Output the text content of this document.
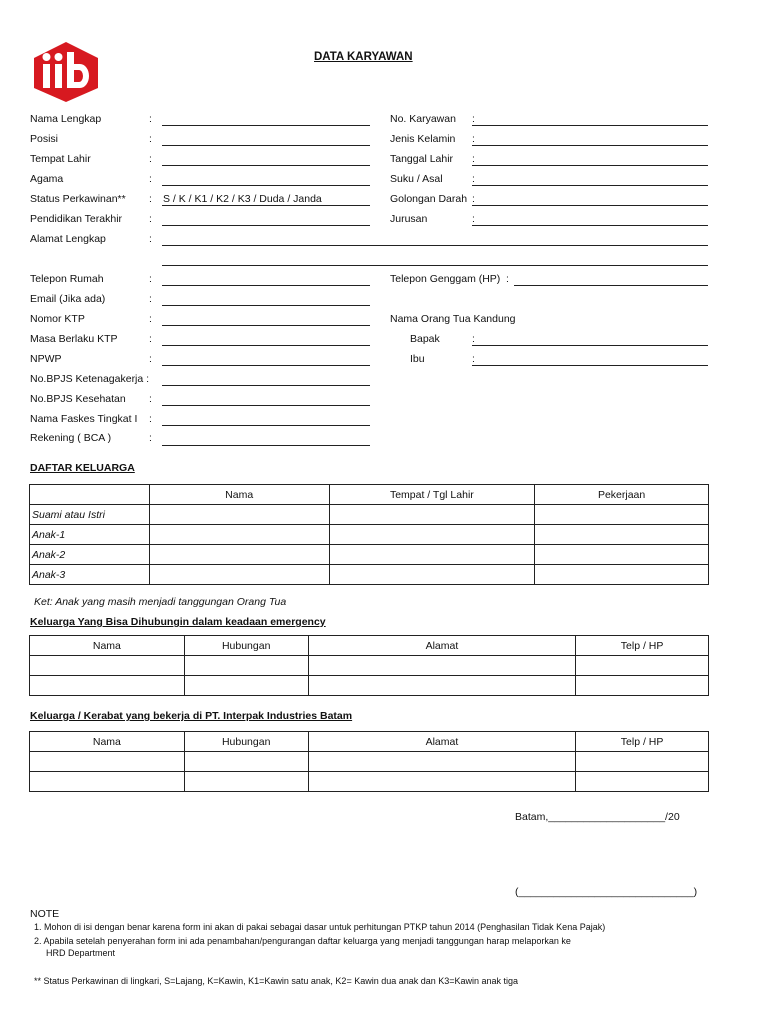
DATA KARYAWAN
Nama Lengkap	:
Posisi	:
Tempat Lahir	:
Agama	:
Status Perkawinan** : S / K / K1 / K2 / K3 / Duda / Janda
Pendidikan Terakhir	:
Alamat Lengkap	:
Telepon Rumah	:
Email (Jika ada)	:
Nomor KTP	:
Masa Berlaku KTP	:
NPWP	:
No.BPJS Ketenagakerja :
No.BPJS Kesehatan :
Nama Faskes Tingkat I :
Rekening ( BCA )	:
No. Karyawan :
Jenis Kelamin :
Tanggal Lahir :
Suku / Asal	:
Golongan Darah :
Jurusan	:
Telepon Genggam (HP) :
Nama Orang Tua Kandung
Bapak	:
Ibu	:
DAFTAR KELUARGA
	Nama	Tempat / Tgl Lahir	Pekerjaan
Suami atau Istri			
Anak-1			
Anak-2			
Anak-3			
Ket: Anak yang masih menjadi tanggungan Orang Tua
Keluarga Yang Bisa Dihubungin dalam keadaan emergency
Nama	Hubungan	Alamat	Telp / HP

Keluarga / Kerabat yang bekerja di PT. Interpak Industries Batam
Nama	Hubungan	Alamat	Telp / HP

Batam,____________________/20
(______________________________)
NOTE
1. Mohon di isi dengan benar karena form ini akan di pakai sebagai dasar untuk perhitungan PTKP tahun 2014 (Penghasilan Tidak Kena Pajak)
2. Apabila setelah penyerahan form ini ada penambahan/pengurangan daftar keluarga yang menjadi tanggungan harap melaporkan ke
HRD Department
** Status Perkawinan di lingkari, S=Lajang, K=Kawin, K1=Kawin satu anak, K2= Kawin dua anak dan K3=Kawin anak tiga
